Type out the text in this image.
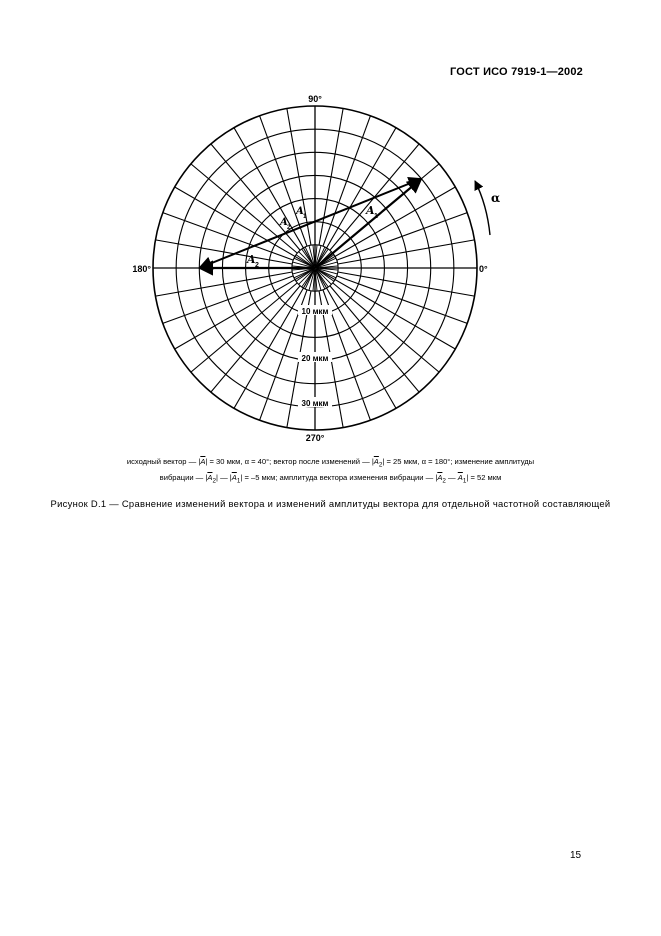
ГОСТ ИСО 7919-1—2002
90°
180°	0°
270°
10 мкм
20 мкм
30 мкм
α
A 1
A 2
A 2
A 1
исходный вектор — $|\overline{A}| = 30$ мкм, α = 40°; вектор после изменений — $|\overline{A}_2| = 25$ мкм, α = 180°; изменение амплитуды
вибрации — $|\overline{A}_2|$ — $|\overline{A}_1| = -5$ мкм; амплитуда вектора изменения вибрации — $|\overline{A}_2$ — $\overline{A}_1| = 52$ мкм
Рисунок D.1 — Сравнение изменений вектора и изменений амплитуды вектора для отдельной частотной составляющей
15
